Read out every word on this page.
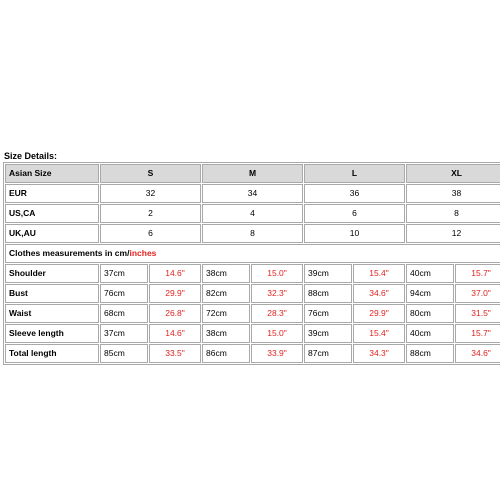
Size Details:
Asian Size	S		M		L		XL	
EUR	32		34		36		38	
US,CA	2		4		6		8	
UK,AU	6		8		10		12	
Clothes measurements in cm/inches								
Shoulder	37cm	14.6"	38cm	15.0"	39cm	15.4"	40cm	15.7"
Bust	76cm	29.9"	82cm	32.3"	88cm	34.6"	94cm	37.0"
Waist	68cm	26.8"	72cm	28.3"	76cm	29.9"	80cm	31.5"
Sleeve length	37cm	14.6"	38cm	15.0"	39cm	15.4"	40cm	15.7"
Total length	85cm	33.5"	86cm	33.9"	87cm	34.3"	88cm	34.6"
